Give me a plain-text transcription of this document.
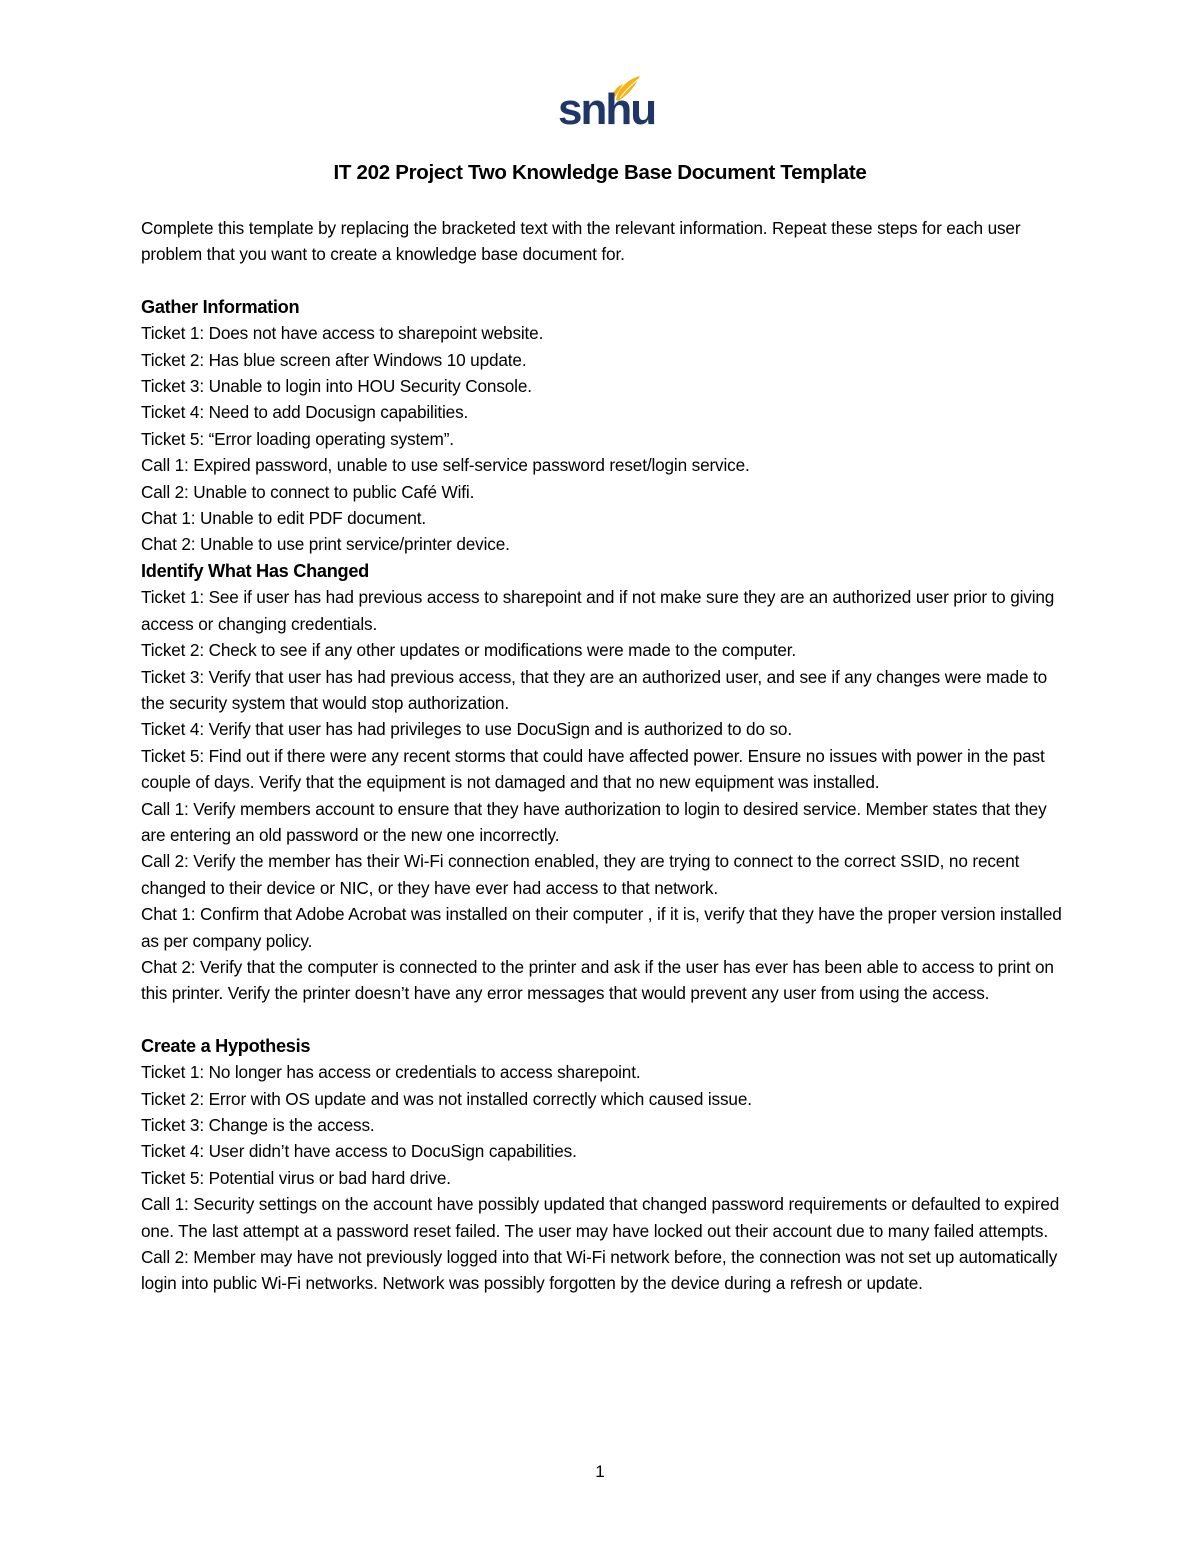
snhu
IT 202 Project Two Knowledge Base Document Template

Complete this template by replacing the bracketed text with the relevant information. Repeat these steps for each user problem that you want to create a knowledge base document for.

Gather Information

Ticket 1: Does not have access to sharepoint website.

Ticket 2: Has blue screen after Windows 10 update.

Ticket 3: Unable to login into HOU Security Console.

Ticket 4: Need to add Docusign capabilities.

Ticket 5: “Error loading operating system”.

Call 1: Expired password, unable to use self-service password reset/login service.

Call 2: Unable to connect to public Café Wifi.

Chat 1: Unable to edit PDF document.

Chat 2: Unable to use print service/printer device.

Identify What Has Changed

Ticket 1: See if user has had previous access to sharepoint and if not make sure they are an authorized user prior to giving access or changing credentials.

Ticket 2: Check to see if any other updates or modifications were made to the computer.

Ticket 3: Verify that user has had previous access, that they are an authorized user, and see if any changes were made to the security system that would stop authorization.

Ticket 4: Verify that user has had privileges to use DocuSign and is authorized to do so.

Ticket 5: Find out if there were any recent storms that could have affected power. Ensure no issues with power in the past couple of days. Verify that the equipment is not damaged and that no new equipment was installed.

Call 1: Verify members account to ensure that they have authorization to login to desired service. Member states that they are entering an old password or the new one incorrectly.

Call 2: Verify the member has their Wi-Fi connection enabled, they are trying to connect to the correct SSID, no recent changed to their device or NIC, or they have ever had access to that network.

Chat 1: Confirm that Adobe Acrobat was installed on their computer , if it is, verify that they have the proper version installed as per company policy.

Chat 2: Verify that the computer is connected to the printer and ask if the user has ever has been able to access to print on this printer. Verify the printer doesn’t have any error messages that would prevent any user from using the access.

Create a Hypothesis

Ticket 1: No longer has access or credentials to access sharepoint.

Ticket 2: Error with OS update and was not installed correctly which caused issue.

Ticket 3: Change is the access.

Ticket 4: User didn’t have access to DocuSign capabilities.

Ticket 5: Potential virus or bad hard drive.

Call 1: Security settings on the account have possibly updated that changed password requirements or defaulted to expired one. The last attempt at a password reset failed. The user may have locked out their account due to many failed attempts.

Call 2: Member may have not previously logged into that Wi-Fi network before, the connection was not set up automatically login into public Wi-Fi networks. Network was possibly forgotten by the device during a refresh or update.

1
